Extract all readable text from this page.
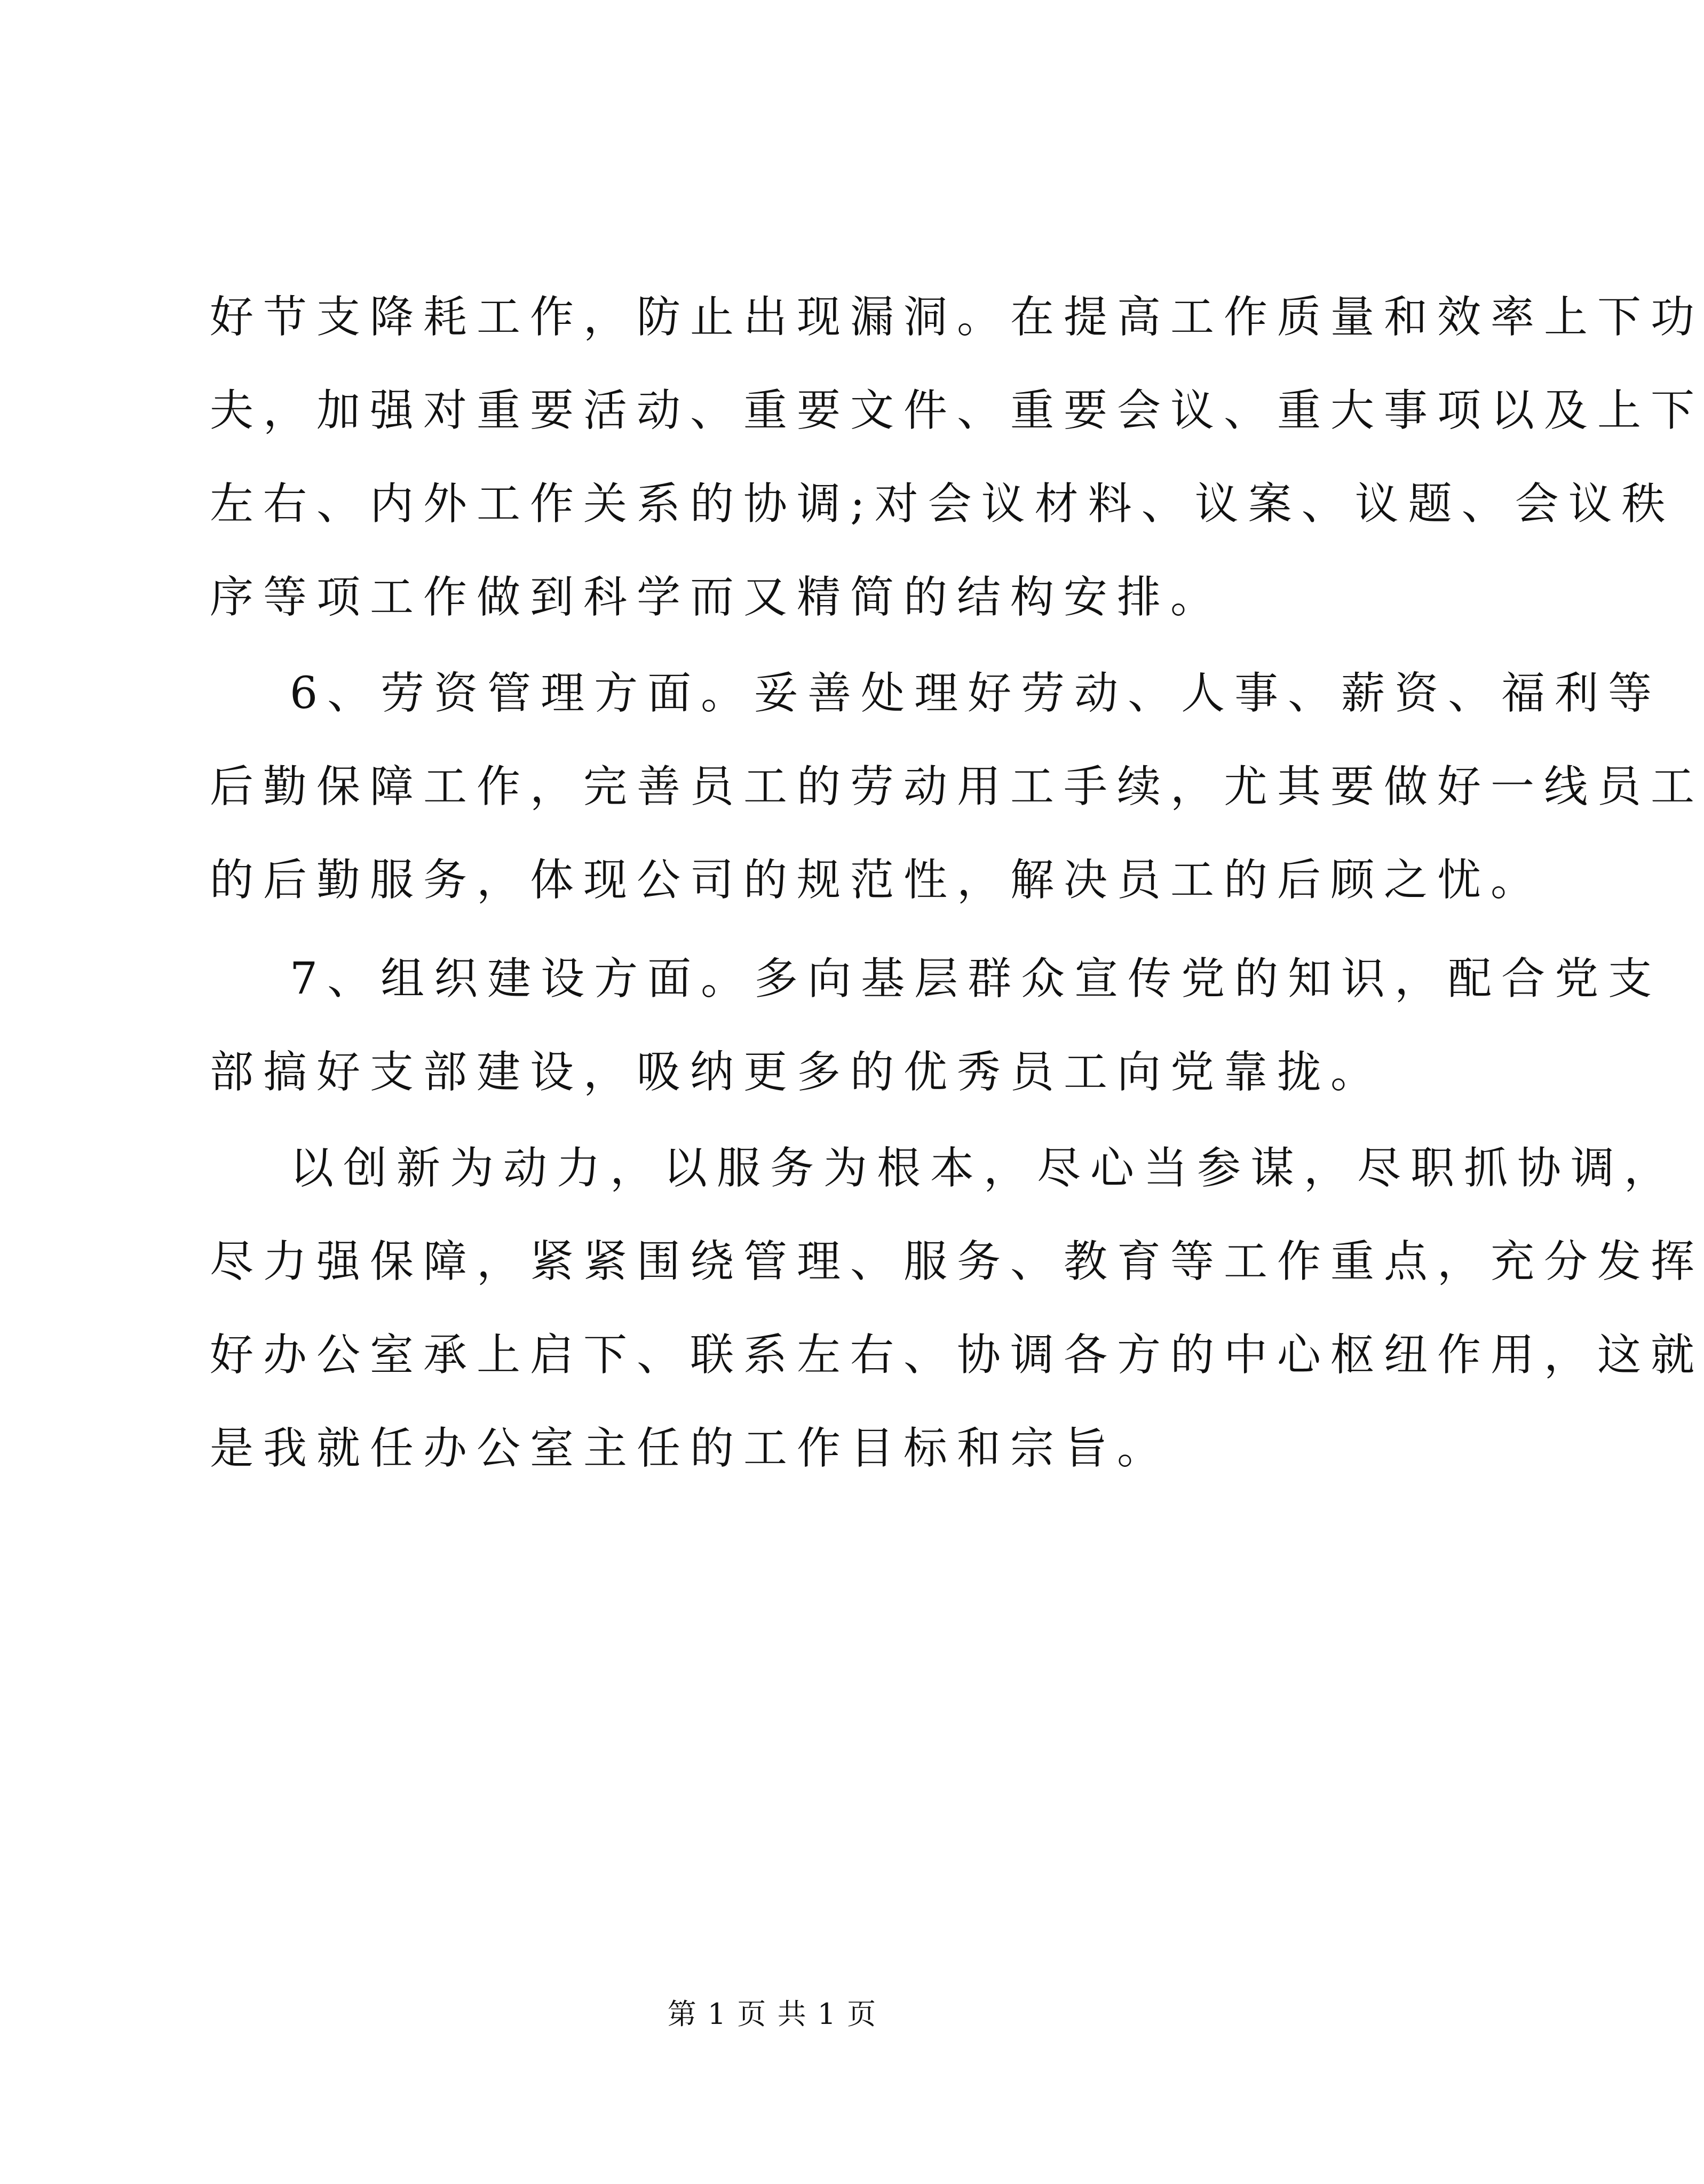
好节支降耗工作，防止出现漏洞。在提高工作质量和效率上下功
夫，加强对重要活动、重要文件、重要会议、重大事项以及上下
左右、内外工作关系的协调;对会议材料、议案、议题、会议秩
序等项工作做到科学而又精简的结构安排。
6、劳资管理方面。妥善处理好劳动、人事、薪资、福利等
后勤保障工作，完善员工的劳动用工手续，尤其要做好一线员工
的后勤服务，体现公司的规范性，解决员工的后顾之忧。
7、组织建设方面。多向基层群众宣传党的知识，配合党支
部搞好支部建设，吸纳更多的优秀员工向党靠拢。
以创新为动力，以服务为根本，尽心当参谋，尽职抓协调，
尽力强保障，紧紧围绕管理、服务、教育等工作重点，充分发挥
好办公室承上启下、联系左右、协调各方的中心枢纽作用，这就
是我就任办公室主任的工作目标和宗旨。
第 1 页 共 1 页
